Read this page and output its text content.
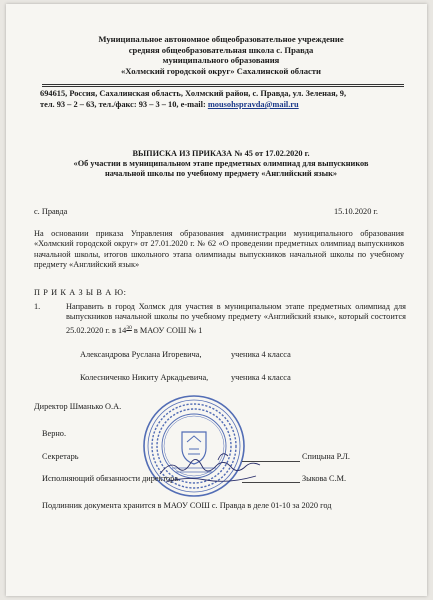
Муниципальное автономное общеобразовательное учреждение
средняя общеобразовательная школа с. Правда
муниципального образования
«Холмский городской округ» Сахалинской области
694615, Россия, Сахалинская область, Холмский район, с. Правда, ул. Зеленая, 9,
тел. 93 – 2 – 63, тел./факс: 93 – 3 – 10, e-mail: mousohspravda@mail.ru
ВЫПИСКА ИЗ ПРИКАЗА № 45 от 17.02.2020 г.
«Об участии в муниципальном этапе предметных олимпиад для выпускников
начальной школы по учебному предмету «Английский язык»
с. Правда	15.10.2020 г.
На основании приказа Управления образования администрации муниципального образования «Холмский городской округ» от 27.01.2020 г. № 62 «О проведении предметных олимпиад выпускников начальной школы, итогов школьного этапа олимпиады выпускников начальной школы по учебному предмету «Английский язык»
П Р И К А З Ы В А Ю:
1.	Направить в город Холмск для участия в муниципальном этапе предметных олимпиад для выпускников начальной школы по учебному предмету «Английский язык», который состоится 25.02.2020 г. в $14^{30}$ в МАОУ СОШ № 1
Александрова Руслана Игоревича,	ученика 4 класса
Колесниченко Никиту Аркадьевича,	ученика 4 класса
Директор Шманько О.А.
Верно.
Секретарь	Спицына Р.Л.
Исполняющий обязанности директора	Зыкова С.М.
Подлинник документа хранится в МАОУ СОШ с. Правда в деле 01-10 за 2020 год
